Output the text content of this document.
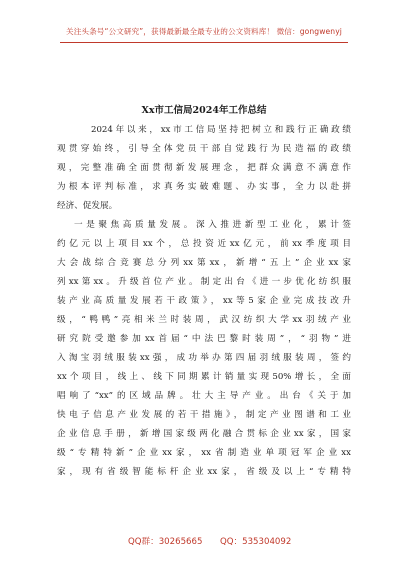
关注头条号“公文研究”，获得最新最全最专业的公文资料库！ 微信：gongwenyj
Xx市工信局2024年工作总结
2024年以来，xx市工信局坚持把树立和践行正确政绩
观贯穿始终，引导全体党员干部自觉践行为民造福的政绩
观，完整准确全面贯彻新发展理念，把群众满意不满意作
为根本评判标准，求真务实破难题、办实事，全力以赴拼
经济、促发展。
一是聚焦高质量发展。深入推进新型工业化，累计签
约亿元以上项目xx个，总投资近xx亿元，前xx季度项目
大会战综合竞赛总分列xx第xx，新增“五上”企业xx家
列xx第xx。升级首位产业。制定出台《进一步优化纺织服
装产业高质量发展若干政策》，xx等5家企业完成技改升
级，“鸭鸭”亮相米兰时装周，武汉纺织大学xx羽绒产业
研究院受邀参加xx首届“中法巴黎时装周”，“羽物”进
入淘宝羽绒服装xx强，成功举办第四届羽绒服装周，签约
xx个项目，线上、线下同期累计销量实现50%增长，全面
唱响了“xx”的区域品牌。壮大主导产业。出台《关于加
快电子信息产业发展的若干措施》，制定产业图谱和工业
企业信息手册，新增国家级两化融合贯标企业xx家，国家
级“专精特新”企业xx家，xx省制造业单项冠军企业xx
家，现有省级智能标杆企业xx家，省级及以上“专精特
QQ群：30265665 QQ：535304092
